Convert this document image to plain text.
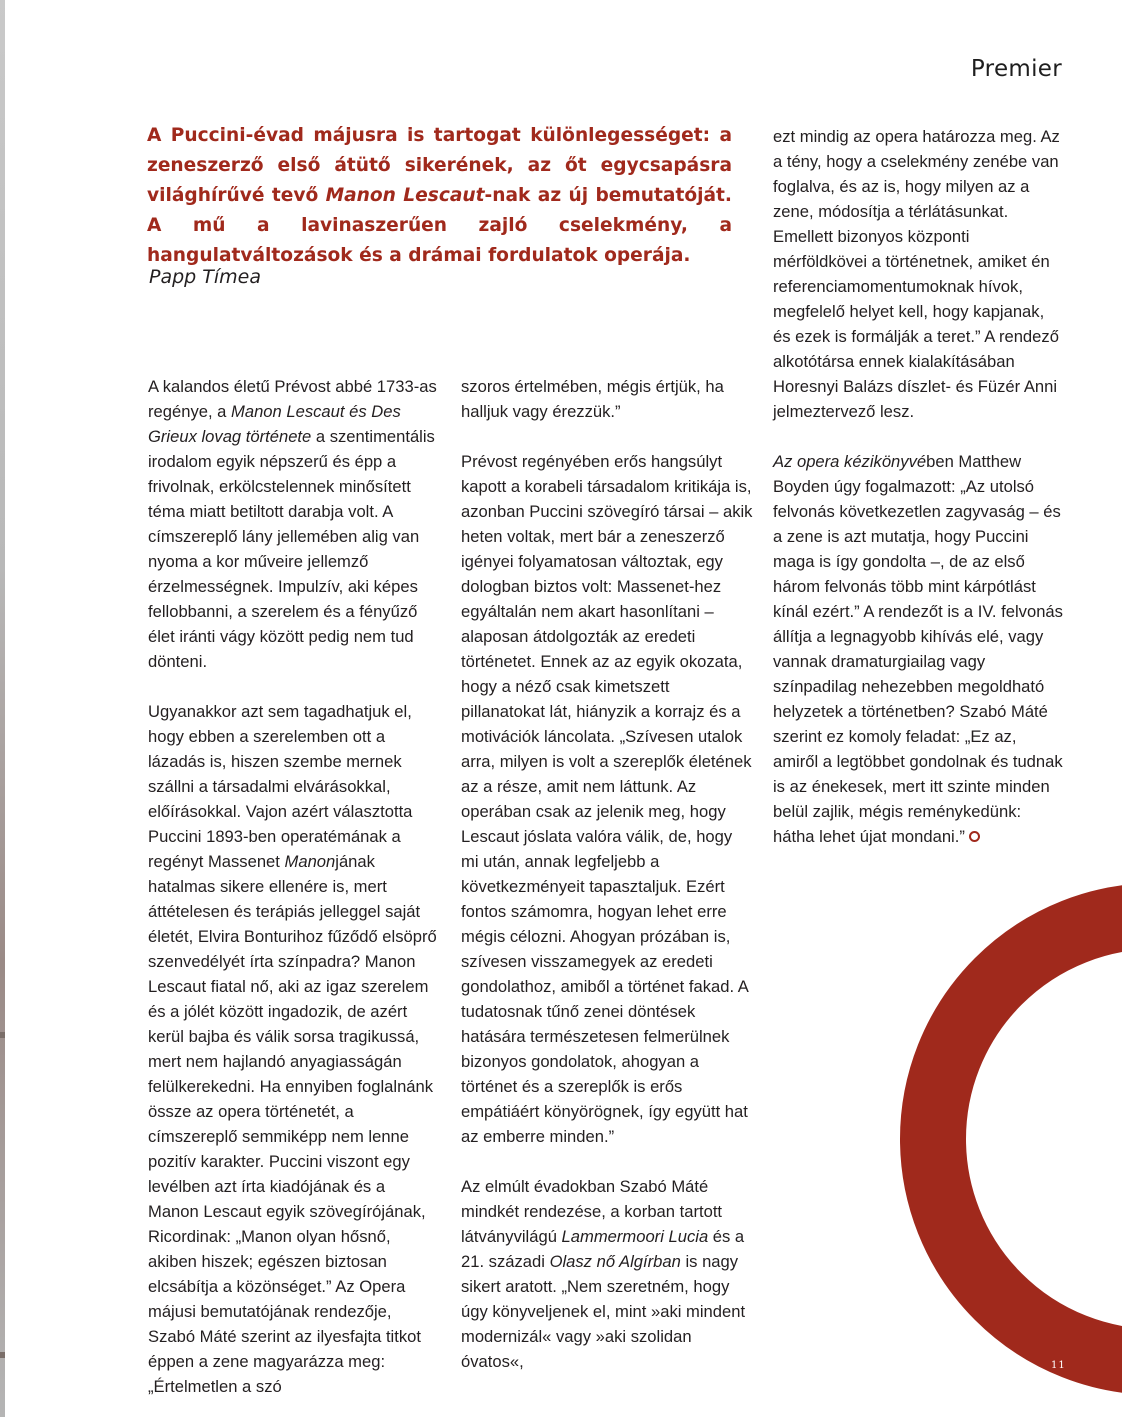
Premier

A Puccini-évad májusra is tartogat különlegességet: a zeneszerző első átütő sikerének, az őt egycsapásra világhírűvé tevő Manon Lescaut-nak az új bemutatóját. A mű a lavinaszerűen zajló cselekmény, a hangulatváltozások és a drámai fordulatok operája.

Papp Tímea

A kalandos életű Prévost abbé 1733-as regénye, a Manon Lescaut és Des Grieux lovag története a szentimentális irodalom egyik népszerű és épp a frivolnak, erkölcstelennek minősített téma miatt betiltott darabja volt. A címszereplő lány jellemében alig van nyoma a kor műveire jellemző érzelmességnek. Impulzív, aki képes fellobbanni, a szerelem és a fényűző élet iránti vágy között pedig nem tud dönteni.

Ugyanakkor azt sem tagadhatjuk el, hogy ebben a szerelemben ott a lázadás is, hiszen szembe mernek szállni a társadalmi elvárásokkal, előírásokkal. Vajon azért választotta Puccini 1893-ben operatémának a regényt Massenet Manonjának hatalmas sikere ellenére is, mert áttételesen és terápiás jelleggel saját életét, Elvira Bonturihoz fűződő elsöprő szenvedélyét írta színpadra? Manon Lescaut fiatal nő, aki az igaz szerelem és a jólét között ingadozik, de azért kerül bajba és válik sorsa tragikussá, mert nem hajlandó anyagiasságán felülkerekedni. Ha ennyiben foglalnánk össze az opera történetét, a címszereplő semmiképp nem lenne pozitív karakter. Puccini viszont egy levélben azt írta kiadójának és a Manon Lescaut egyik szövegírójának, Ricordinak: „Manon olyan hősnő, akiben hiszek; egészen biztosan elcsábítja a közönséget.” Az Opera májusi bemutatójának rendezője, Szabó Máté szerint az ilyesfajta titkot éppen a zene magyarázza meg: „Értelmetlen a szó

szoros értelmében, mégis értjük, ha halljuk vagy érezzük.”

Prévost regényében erős hangsúlyt kapott a korabeli társadalom kritikája is, azonban Puccini szövegíró társai – akik heten voltak, mert bár a zeneszerző igényei folyamatosan változtak, egy dologban biztos volt: Massenet-hez egyáltalán nem akart hasonlítani – alaposan átdolgozták az eredeti történetet. Ennek az az egyik okozata, hogy a néző csak kimetszett pillanatokat lát, hiányzik a korrajz és a motivációk láncolata. „Szívesen utalok arra, milyen is volt a szereplők életének az a része, amit nem láttunk. Az operában csak az jelenik meg, hogy Lescaut jóslata valóra válik, de, hogy mi után, annak legfeljebb a következményeit tapasztaljuk. Ezért fontos számomra, hogyan lehet erre mégis célozni. Ahogyan prózában is, szívesen visszamegyek az eredeti gondolathoz, amiből a történet fakad. A tudatosnak tűnő zenei döntések hatására természetesen felmerülnek bizonyos gondolatok, ahogyan a történet és a szereplők is erős empátiáért könyörögnek, így együtt hat az emberre minden.”

Az elmúlt évadokban Szabó Máté mindkét rendezése, a korban tartott látványvilágú Lammermoori Lucia és a 21. századi Olasz nő Algírban is nagy sikert aratott. „Nem szeretném, hogy úgy könyveljenek el, mint »aki mindent modernizál« vagy »aki szolidan óvatos«,

ezt mindig az opera határozza meg. Az a tény, hogy a cselekmény zenébe van foglalva, és az is, hogy milyen az a zene, módosítja a térlátásunkat. Emellett bizonyos központi mérföldkövei a történetnek, amiket én referenciamomentumoknak hívok, megfelelő helyet kell, hogy kapjanak, és ezek is formálják a teret.” A rendező alkotótársa ennek kialakításában Horesnyi Balázs díszlet- és Füzér Anni jelmeztervező lesz.

Az opera kézikönyvében Matthew Boyden úgy fogalmazott: „Az utolsó felvonás következetlen zagyvaság – és a zene is azt mutatja, hogy Puccini maga is így gondolta –, de az első három felvonás több mint kárpótlást kínál ezért.” A rendezőt is a IV. felvonás állítja a legnagyobb kihívás elé, vagy vannak dramaturgiailag vagy színpadilag nehezebben megoldható helyzetek a történetben? Szabó Máté szerint ez komoly feladat: „Ez az, amiről a legtöbbet gondolnak és tudnak is az énekesek, mert itt szinte minden belül zajlik, mégis reménykedünk: hátha lehet újat mondani.”

11
